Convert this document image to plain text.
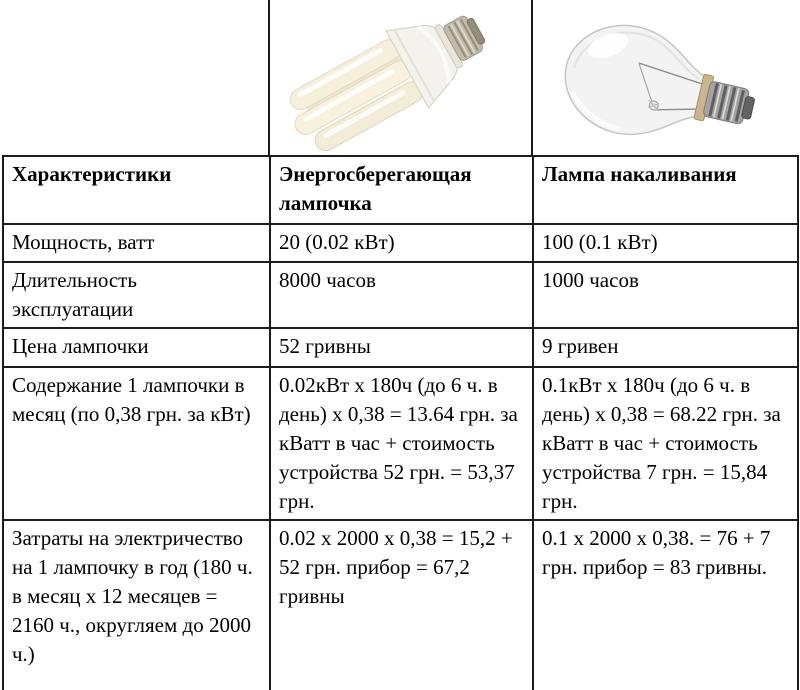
Характеристики	Энергосберегающая лампочка	Лампа накаливания
Мощность, ватт	20 (0.02 кВт)	100 (0.1 кВт)
Длительность эксплуатации	8000 часов	1000 часов
Цена лампочки	52 гривны	9 гривен
Содержание 1 лампочки в месяц (по 0,38 грн. за кВт)	0.02кВт х 180ч (до 6 ч. в день) х 0,38 = 13.64 грн. за кВатт в час + стоимость устройства 52 грн. = 53,37 грн.	0.1кВт х 180ч (до 6 ч. в день) х 0,38 = 68.22 грн. за кВатт в час + стоимость устройства 7 грн. = 15,84 грн.
Затраты на электричество на 1 лампочку в год (180 ч. в месяц х 12 месяцев = 2160 ч., округляем до 2000 ч.)	0.02 х 2000 х 0,38 = 15,2 + 52 грн. прибор = 67,2 гривны	0.1 х 2000 х 0,38. = 76 + 7 грн. прибор = 83 гривны.
